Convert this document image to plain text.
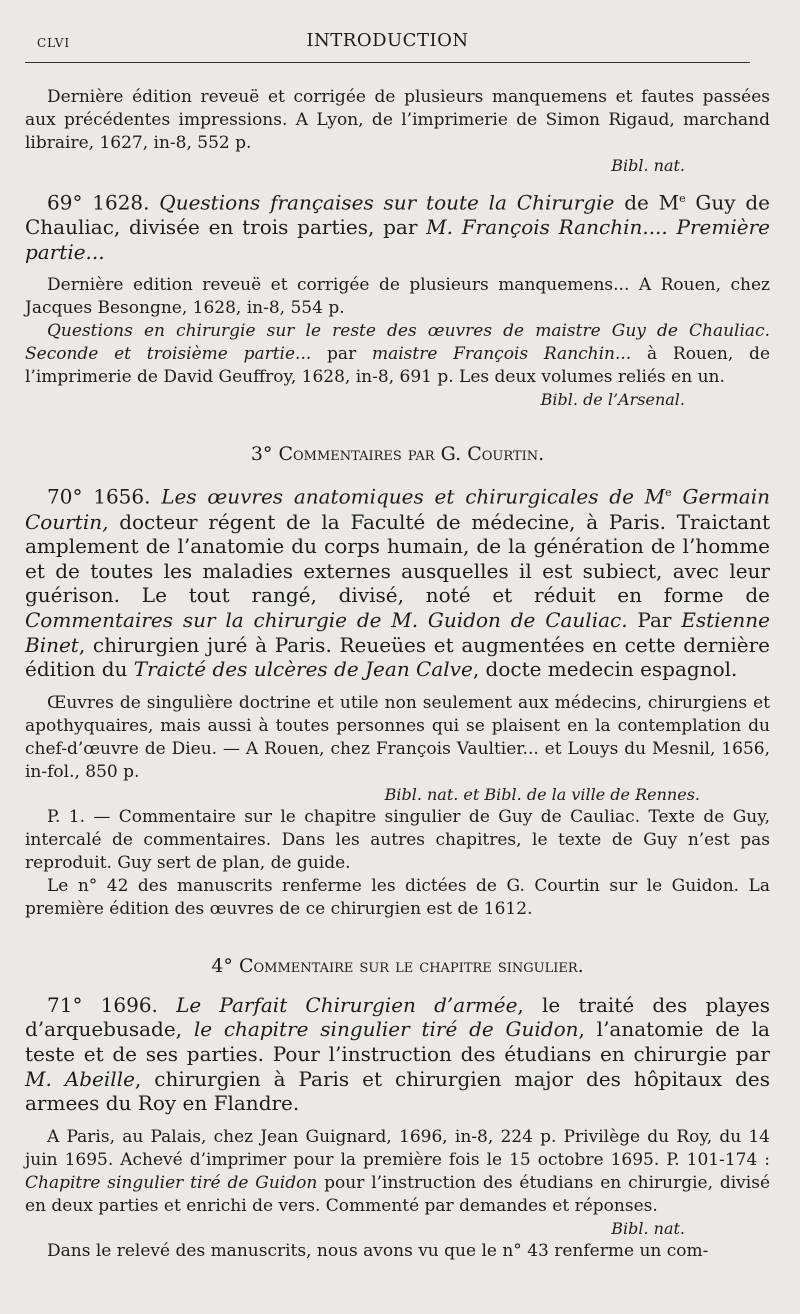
CLVI	INTRODUCTION

Dernière édition reveuë et corrigée de plusieurs manquemens et fautes passées aux précédentes impressions. A Lyon, de l’imprimerie de Simon Rigaud, marchand libraire, 1627, in-8, 552 p.

Bibl. nat.

69° 1628. Questions françaises sur toute la Chirurgie de Me Guy de Chauliac, divisée en trois parties, par M. François Ranchin.... Première partie...

Dernière edition reveuë et corrigée de plusieurs manquemens... A Rouen, chez Jacques Besongne, 1628, in-8, 554 p.

Questions en chirurgie sur le reste des œuvres de maistre Guy de Chauliac. Seconde et troisième partie... par maistre François Ranchin... à Rouen, de l’imprimerie de David Geuffroy, 1628, in-8, 691 p. Les deux volumes reliés en un.

Bibl. de l’Arsenal.

3° Commentaires par G. Courtin.

70° 1656. Les œuvres anatomiques et chirurgicales de Me Germain Courtin, docteur régent de la Faculté de médecine, à Paris. Traictant amplement de l’anatomie du corps humain, de la génération de l’homme et de toutes les maladies externes ausquelles il est subiect, avec leur guérison. Le tout rangé, divisé, noté et réduit en forme de Commentaires sur la chirurgie de M. Guidon de Cauliac. Par Estienne Binet, chirurgien juré à Paris. Reueües et augmentées en cette dernière édition du Traicté des ulcères de Jean Calve, docte medecin espagnol.

Œuvres de singulière doctrine et utile non seulement aux médecins, chirurgiens et apothyquaires, mais aussi à toutes personnes qui se plaisent en la contemplation du chef-d’œuvre de Dieu. — A Rouen, chez François Vaultier... et Louys du Mesnil, 1656, in-fol., 850 p.

Bibl. nat. et Bibl. de la ville de Rennes.

P. 1. — Commentaire sur le chapitre singulier de Guy de Cauliac. Texte de Guy, intercalé de commentaires. Dans les autres chapitres, le texte de Guy n’est pas reproduit. Guy sert de plan, de guide.

Le n° 42 des manuscrits renferme les dictées de G. Courtin sur le Guidon. La première édition des œuvres de ce chirurgien est de 1612.

4° Commentaire sur le chapitre singulier.

71° 1696. Le Parfait Chirurgien d’armée, le traité des playes d’arquebusade, le chapitre singulier tiré de Guidon, l’anatomie de la teste et de ses parties. Pour l’instruction des étudians en chirurgie par M. Abeille, chirurgien à Paris et chirurgien major des hôpitaux des armees du Roy en Flandre.

A Paris, au Palais, chez Jean Guignard, 1696, in-8, 224 p. Privilège du Roy, du 14 juin 1695. Achevé d’imprimer pour la première fois le 15 octobre 1695. P. 101-174 : Chapitre singulier tiré de Guidon pour l’instruction des étudians en chirurgie, divisé en deux parties et enrichi de vers. Commenté par demandes et réponses.

Bibl. nat.

Dans le relevé des manuscrits, nous avons vu que le n° 43 renferme un com-
